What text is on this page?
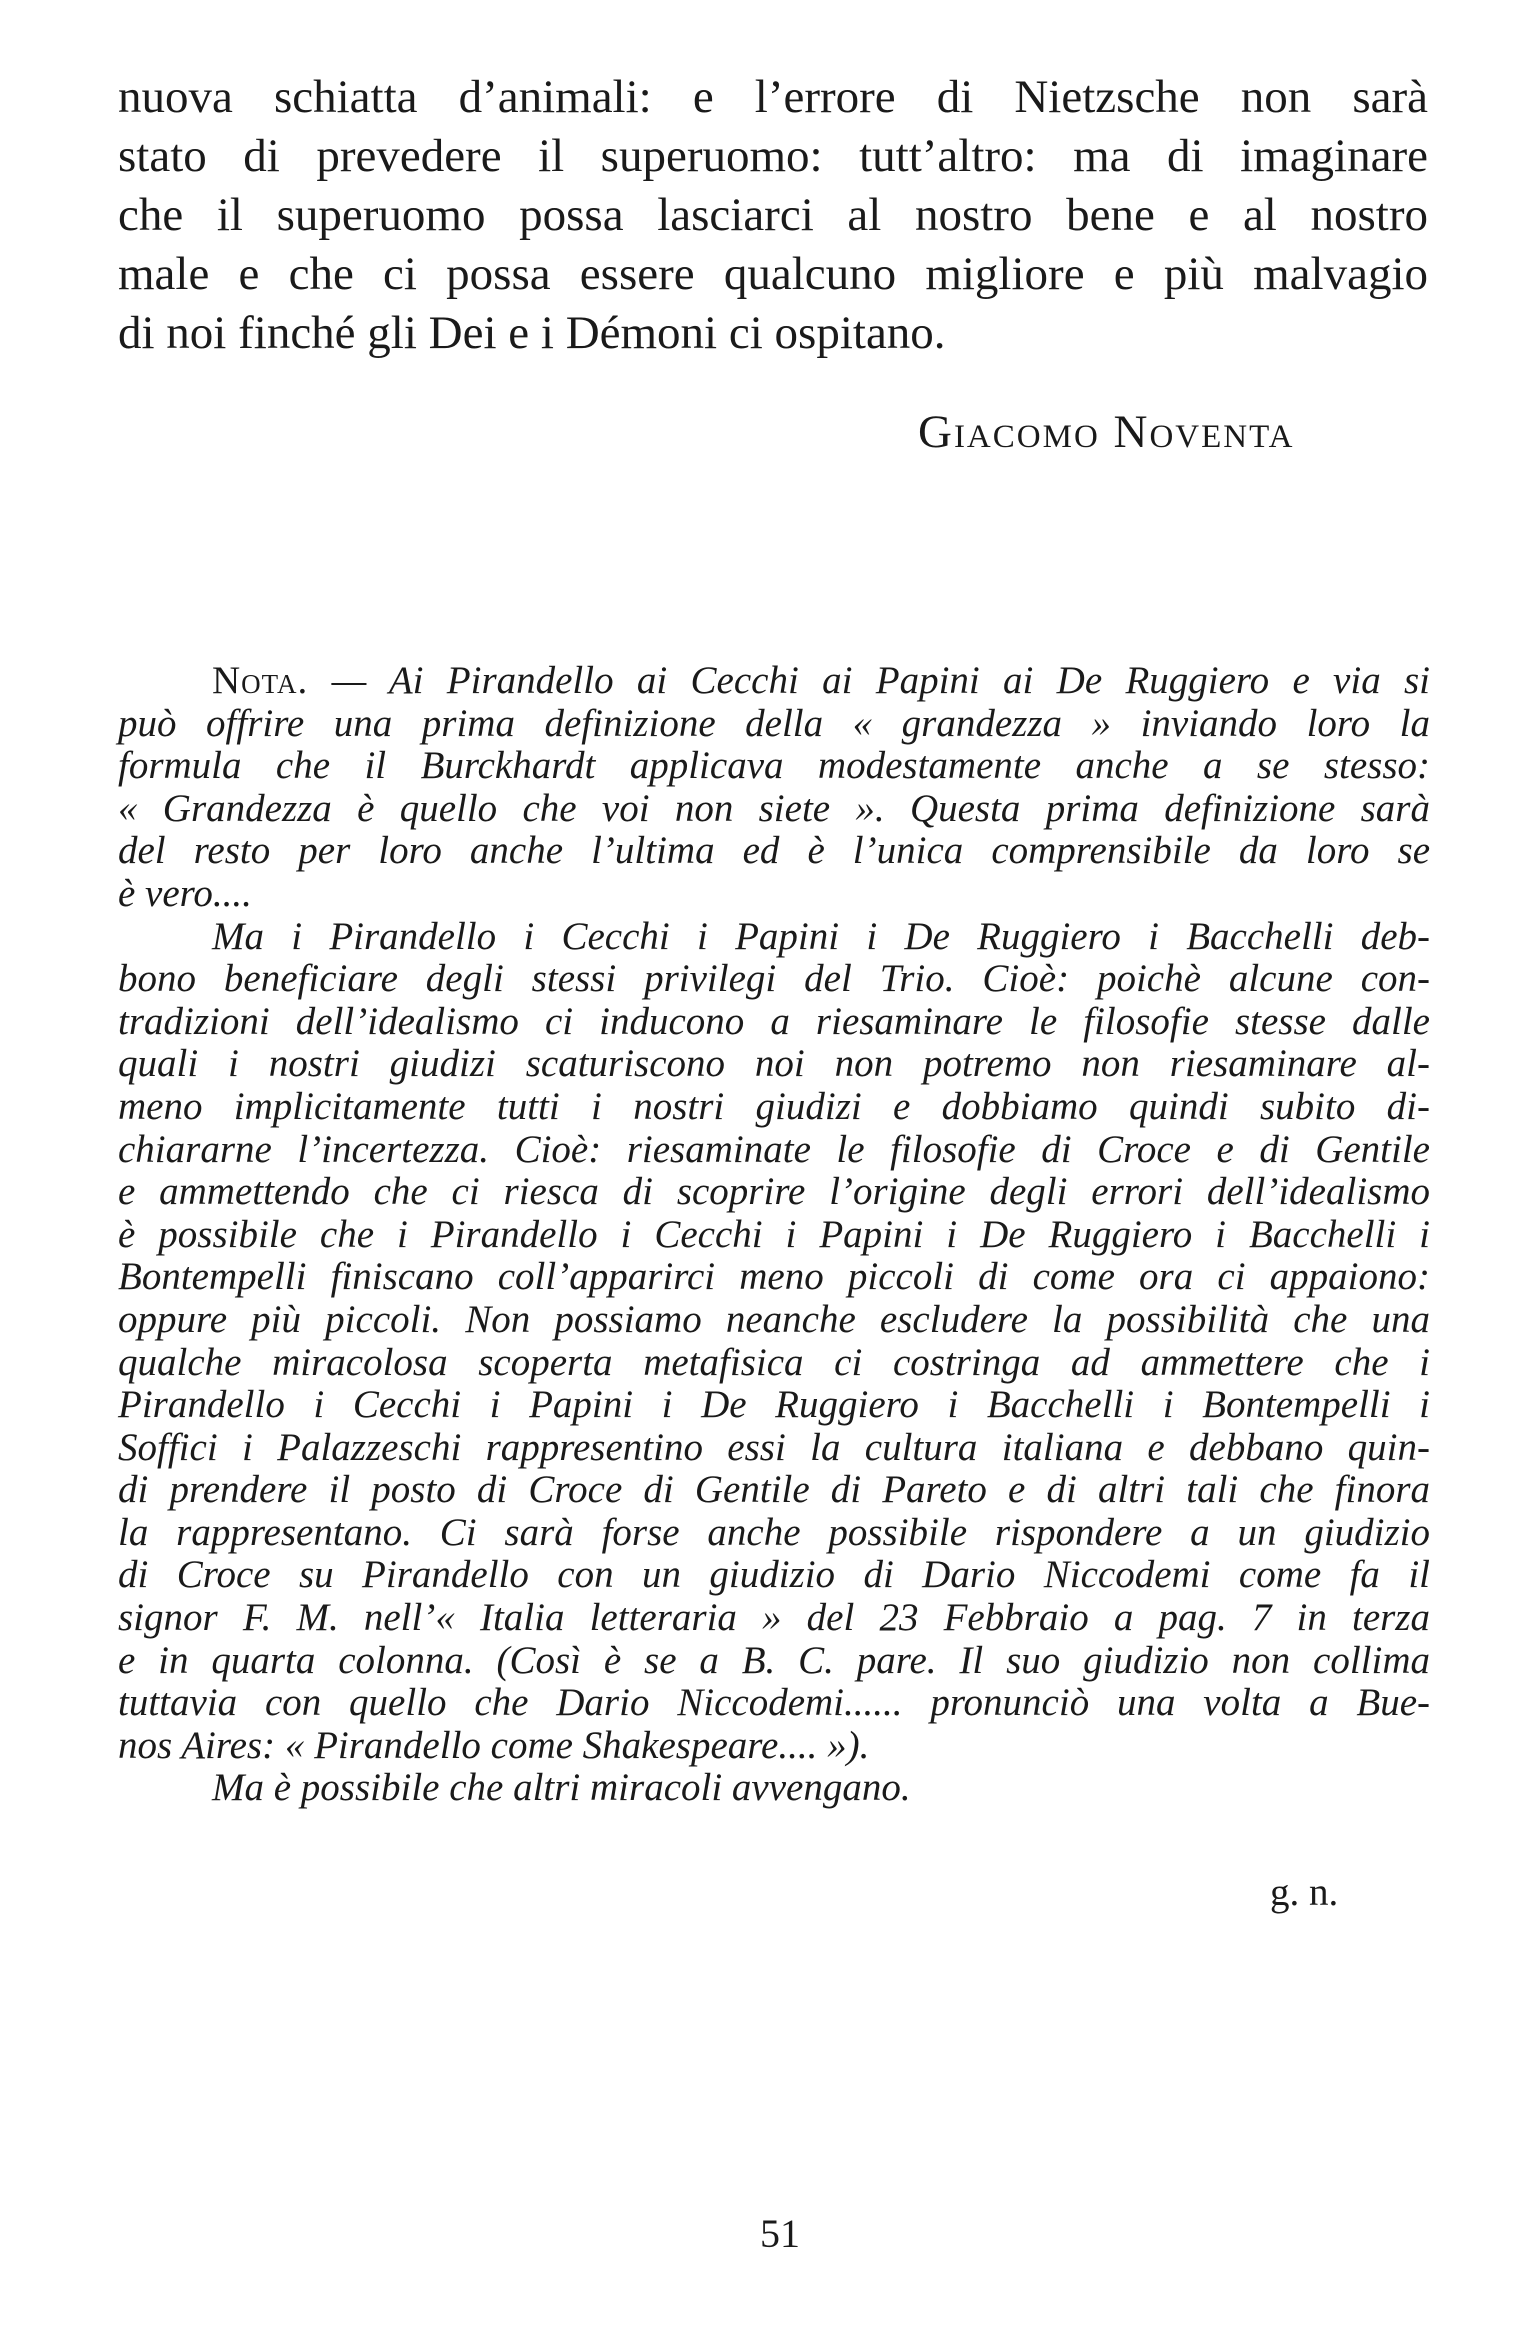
nuova schiatta d’animali: e l’errore di Nietzsche non sarà
stato di prevedere il superuomo: tutt’altro: ma di imaginare
che il superuomo possa lasciarci al nostro bene e al nostro
male e che ci possa essere qualcuno migliore e più malvagio
di noi finché gli Dei e i Démoni ci ospitano.
Giacomo Noventa
Nota. — Ai Pirandello ai Cecchi ai Papini ai De Ruggiero e via si
può offrire una prima definizione della « grandezza » inviando loro la
formula che il Burckhardt applicava modestamente anche a se stesso:
« Grandezza è quello che voi non siete ». Questa prima definizione sarà
del resto per loro anche l’ultima ed è l’unica comprensibile da loro se
è vero....
Ma i Pirandello i Cecchi i Papini i De Ruggiero i Bacchelli deb-
bono beneficiare degli stessi privilegi del Trio. Cioè: poichè alcune con-
tradizioni dell’idealismo ci inducono a riesaminare le filosofie stesse dalle
quali i nostri giudizi scaturiscono noi non potremo non riesaminare al-
meno implicitamente tutti i nostri giudizi e dobbiamo quindi subito di-
chiararne l’incertezza. Cioè: riesaminate le filosofie di Croce e di Gentile
e ammettendo che ci riesca di scoprire l’origine degli errori dell’idealismo
è possibile che i Pirandello i Cecchi i Papini i De Ruggiero i Bacchelli i
Bontempelli finiscano coll’apparirci meno piccoli di come ora ci appaiono:
oppure più piccoli. Non possiamo neanche escludere la possibilità che una
qualche miracolosa scoperta metafisica ci costringa ad ammettere che i
Pirandello i Cecchi i Papini i De Ruggiero i Bacchelli i Bontempelli i
Soffici i Palazzeschi rappresentino essi la cultura italiana e debbano quin-
di prendere il posto di Croce di Gentile di Pareto e di altri tali che finora
la rappresentano. Ci sarà forse anche possibile rispondere a un giudizio
di Croce su Pirandello con un giudizio di Dario Niccodemi come fa il
signor F. M. nell’« Italia letteraria » del 23 Febbraio a pag. 7 in terza
e in quarta colonna. (Così è se a B. C. pare. Il suo giudizio non collima
tuttavia con quello che Dario Niccodemi...... pronunciò una volta a Bue-
nos Aires: « Pirandello come Shakespeare.... »).
Ma è possibile che altri miracoli avvengano.
g. n.
51
